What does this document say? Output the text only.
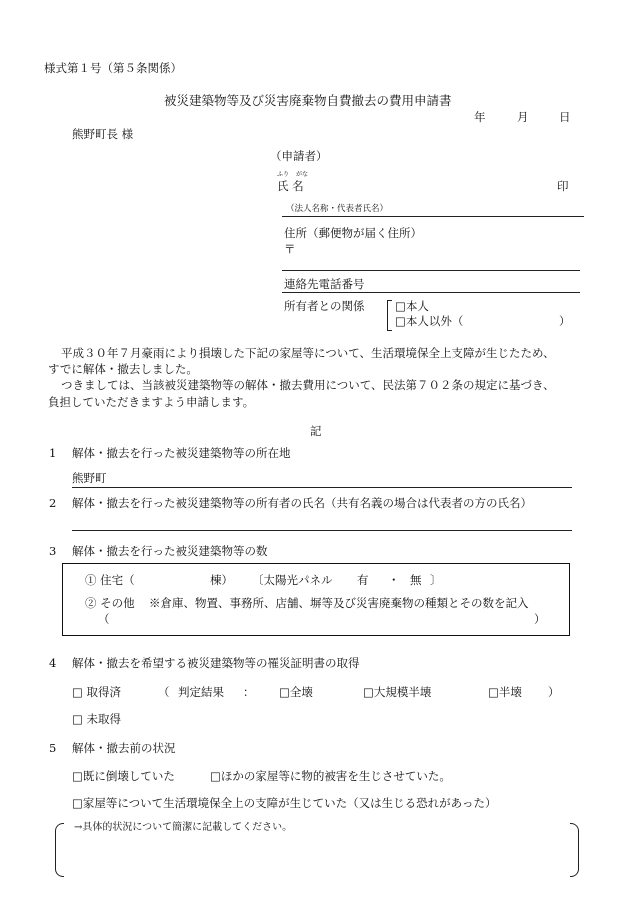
様式第１号（第５条関係）
被災建築物等及び災害廃棄物自費撤去の費用申請書
年	月	日
熊野町長 様
（申請者）
ふり がな
氏 名	印
（法人名称・代表者氏名）
住所（郵便物が届く住所）
〒
連絡先電話番号
所有者との関係	□本人
□本人以外（	）
平成３０年７月豪雨により損壊した下記の家屋等について、生活環境保全上支障が生じたため、
すでに解体・撤去しました。
つきましては、当該被災建築物等の解体・撤去費用について、民法第７０２条の規定に基づき、
負担していただきますよう申請します。
記
1 解体・撤去を行った被災建築物等の所在地
熊野町
2 解体・撤去を行った被災建築物等の所有者の氏名（共有名義の場合は代表者の方の氏名）
3 解体・撤去を行った被災建築物等の数
① 住宅（	棟） 〔太陽光パネル 有 ・ 無 〕
② その他 ※倉庫、物置、事務所、店舗、塀等及び災害廃棄物の種類とその数を記入
（	）
4 解体・撤去を希望する被災建築物等の罹災証明書の取得
□ 取得済	（ 判定結果 ： □全壊	□大規模半壊	□半壊 ）
□ 未取得
5 解体・撤去前の状況
□既に倒壊していた	□ほかの家屋等に物的被害を生じさせていた。
□家屋等について生活環境保全上の支障が生じていた（又は生じる恐れがあった）
→具体的状況について簡潔に記載してください。
